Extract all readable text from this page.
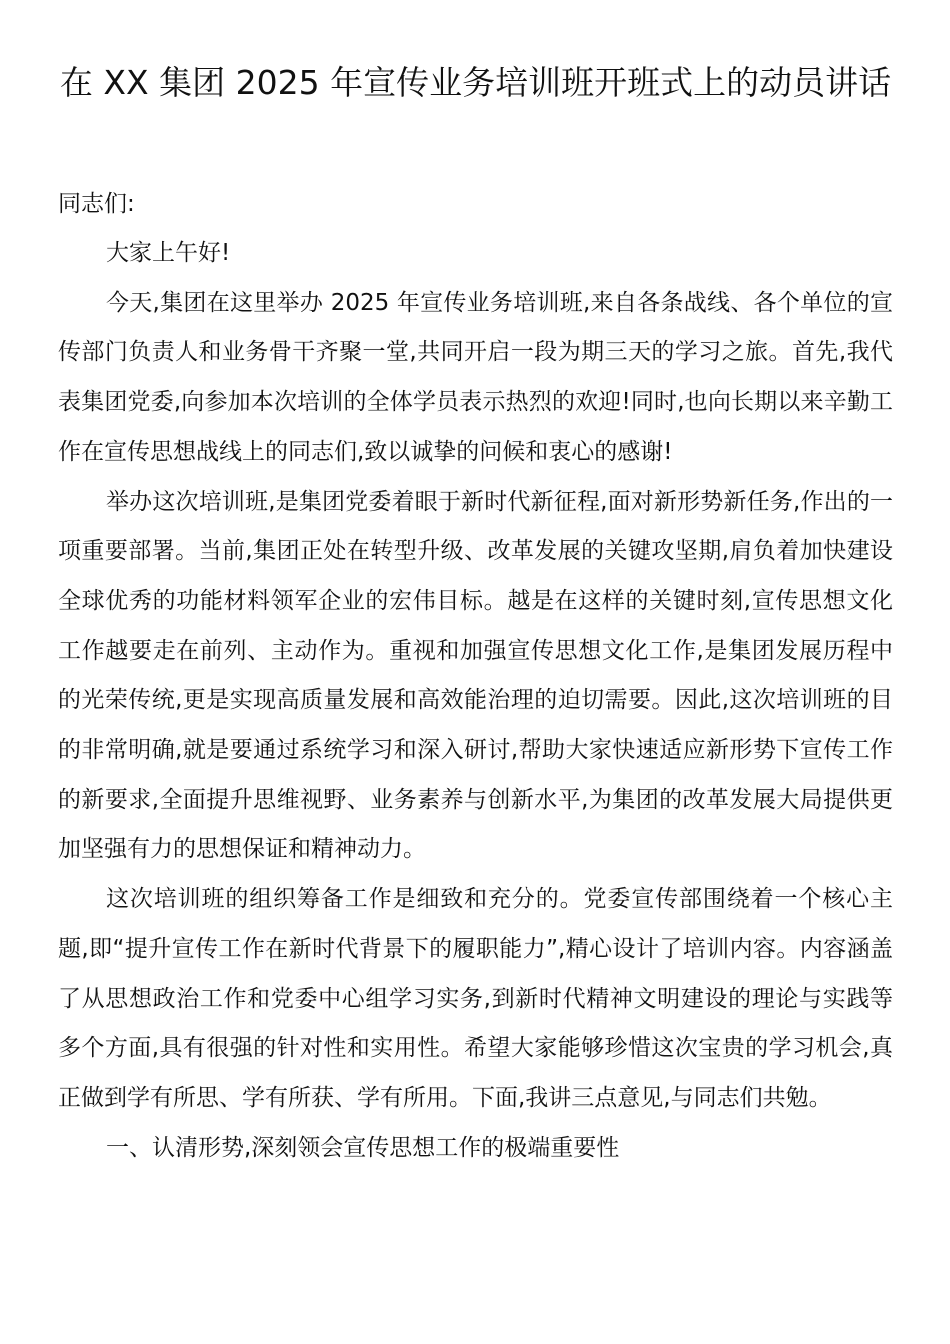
在 XX 集团 2025 年宣传业务培训班开班式上的动员讲话
同志们:

大家上午好!

今天,集团在这里举办 2025 年宣传业务培训班,来自各条战线、各个单位的宣传部门负责人和业务骨干齐聚一堂,共同开启一段为期三天的学习之旅。首先,我代表集团党委,向参加本次培训的全体学员表示热烈的欢迎!同时,也向长期以来辛勤工作在宣传思想战线上的同志们,致以诚挚的问候和衷心的感谢!

举办这次培训班,是集团党委着眼于新时代新征程,面对新形势新任务,作出的一项重要部署。当前,集团正处在转型升级、改革发展的关键攻坚期,肩负着加快建设全球优秀的功能材料领军企业的宏伟目标。越是在这样的关键时刻,宣传思想文化工作越要走在前列、主动作为。重视和加强宣传思想文化工作,是集团发展历程中的光荣传统,更是实现高质量发展和高效能治理的迫切需要。因此,这次培训班的目的非常明确,就是要通过系统学习和深入研讨,帮助大家快速适应新形势下宣传工作的新要求,全面提升思维视野、业务素养与创新水平,为集团的改革发展大局提供更加坚强有力的思想保证和精神动力。

这次培训班的组织筹备工作是细致和充分的。党委宣传部围绕着一个核心主题,即“提升宣传工作在新时代背景下的履职能力”,精心设计了培训内容。内容涵盖了从思想政治工作和党委中心组学习实务,到新时代精神文明建设的理论与实践等多个方面,具有很强的针对性和实用性。希望大家能够珍惜这次宝贵的学习机会,真正做到学有所思、学有所获、学有所用。下面,我讲三点意见,与同志们共勉。

一、认清形势,深刻领会宣传思想工作的极端重要性
